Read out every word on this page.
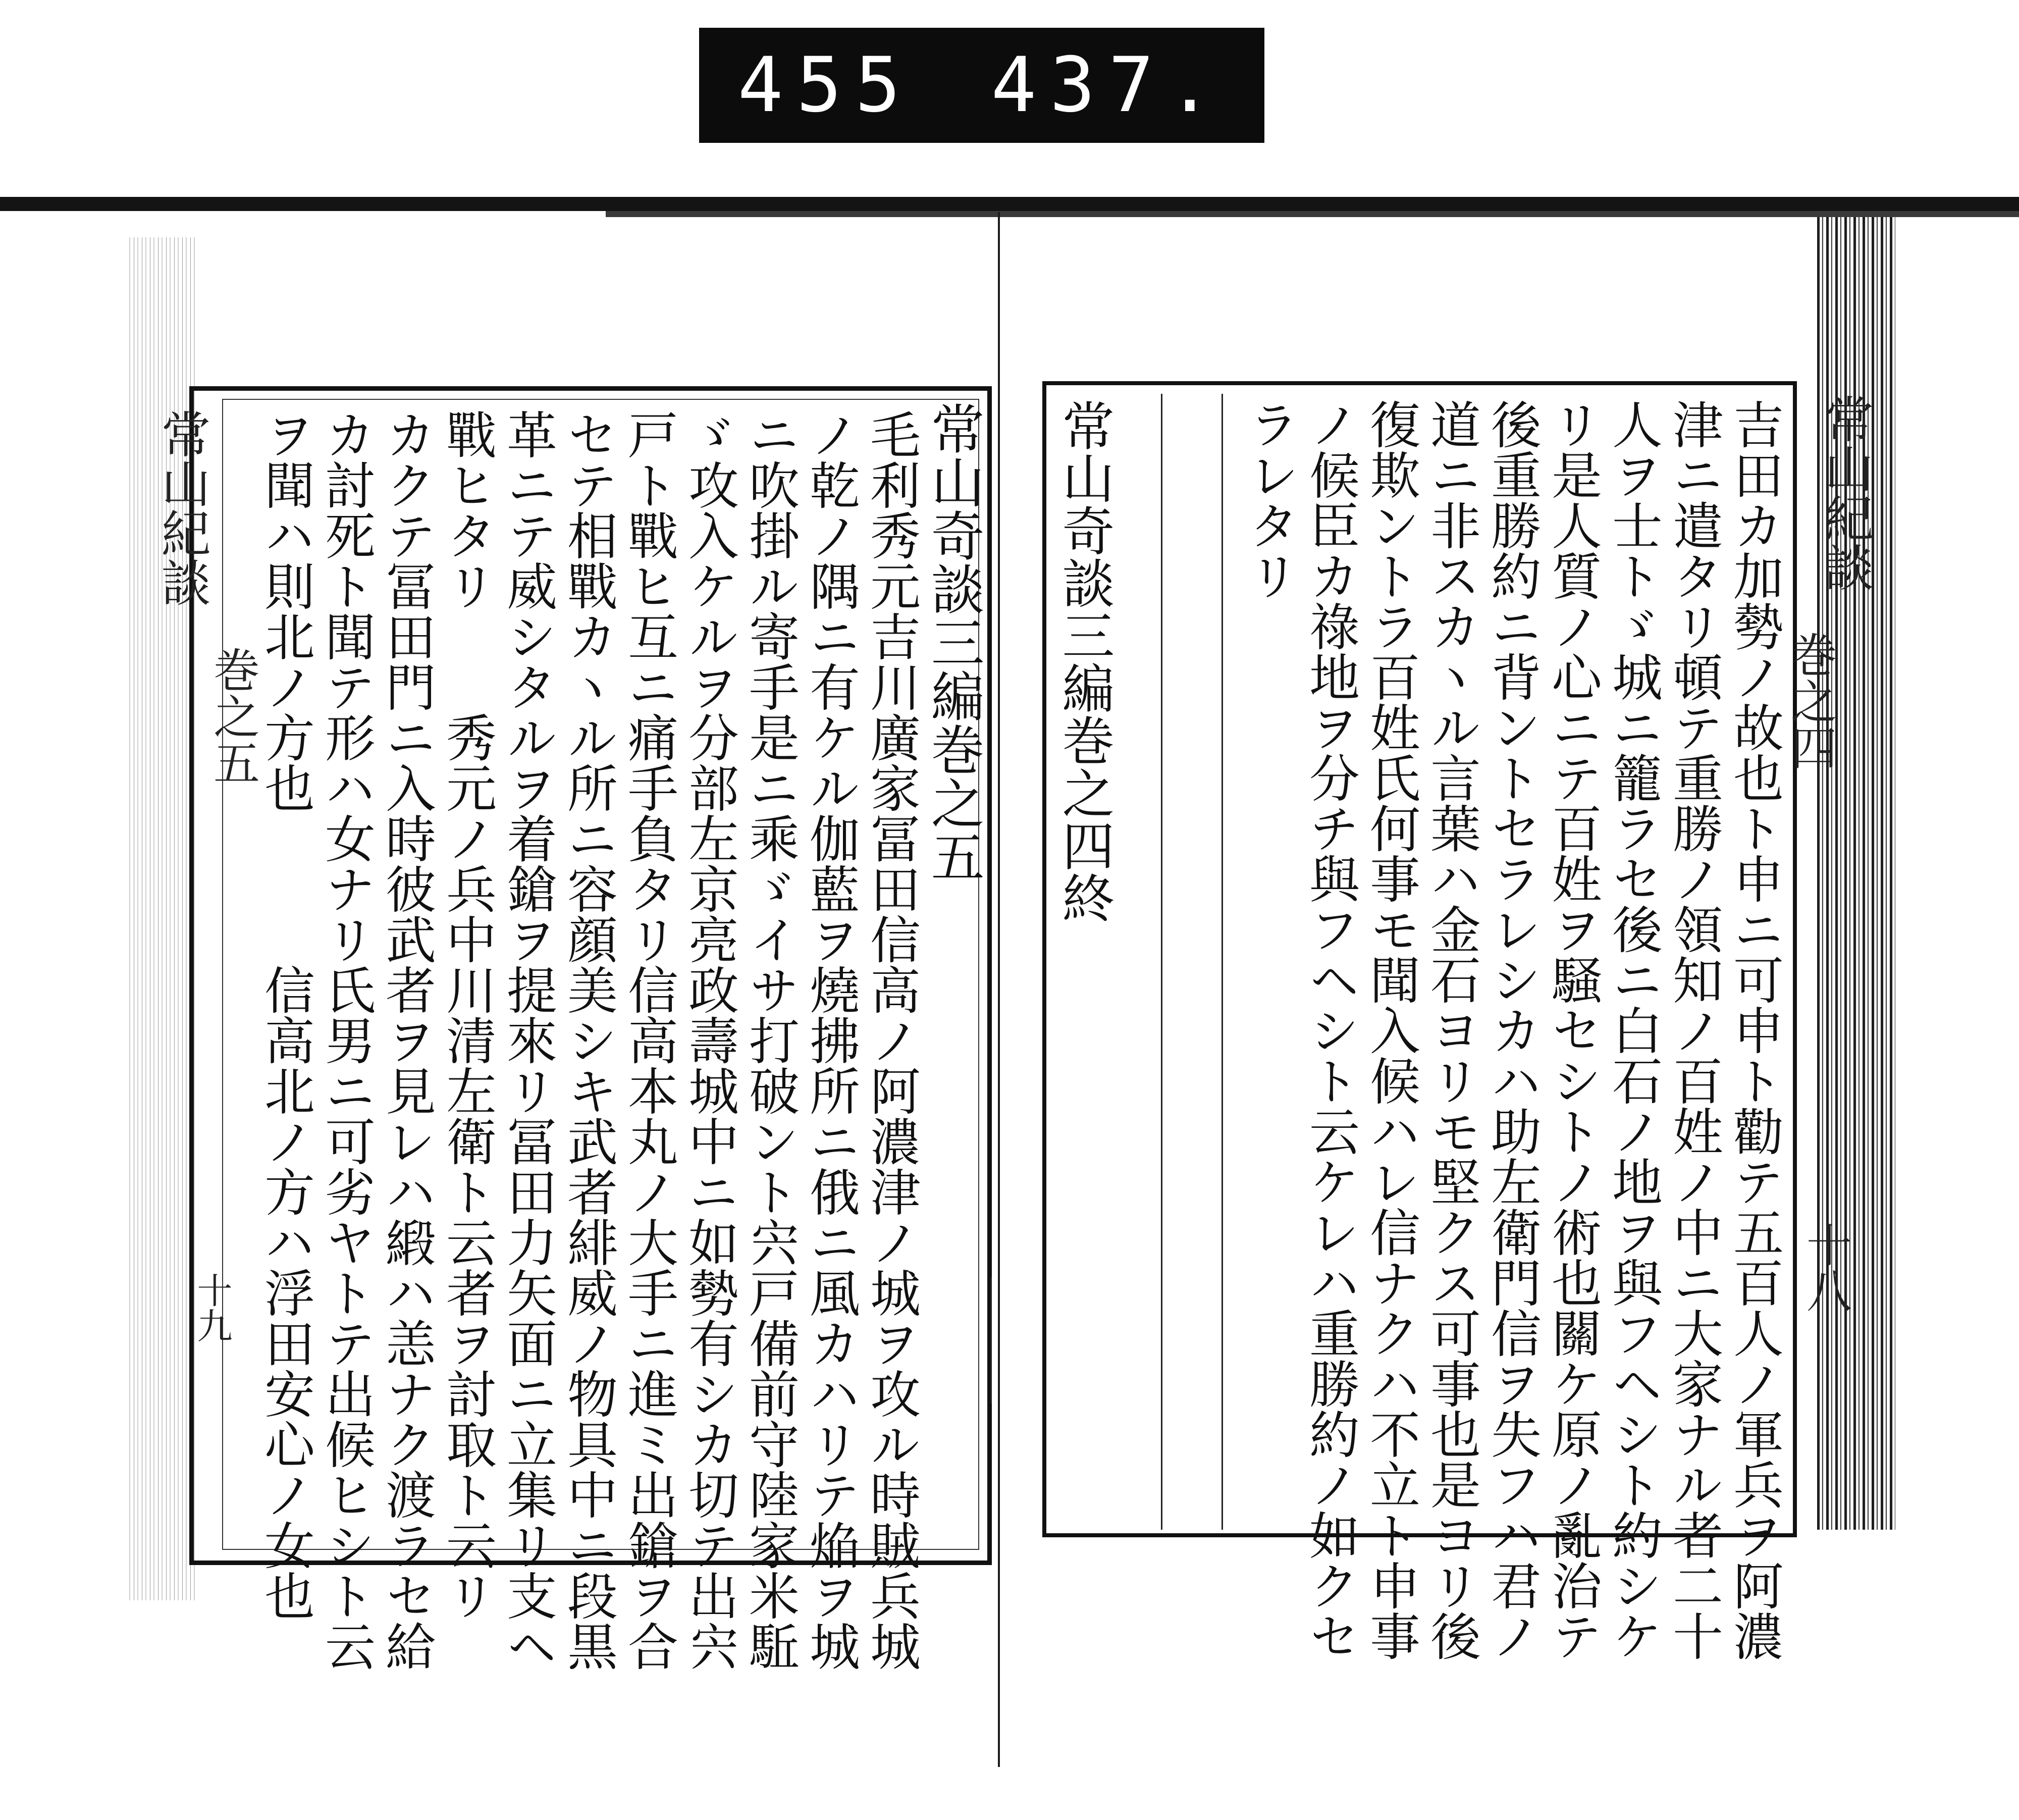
455 437.
常山紀談
巻之五
十九
常山奇談三編巻之五
毛利秀元吉川廣家冨田信高ノ阿濃津ノ城ヲ攻ル時賊兵城
ノ乾ノ隅ニ有ケル伽藍ヲ燒拂所ニ俄ニ風カハリテ焔ヲ城
ニ吹掛ル寄手是ニ乘ゞイサ打破ント宍戸備前守陸家米駈
ゞ攻入ケルヲ分部左京亮政壽城中ニ如勢有シカ切テ出宍
戸ト戰ヒ互ニ痛手負タリ信高本丸ノ大手ニ進ミ出鎗ヲ合
セテ相戰カヽル所ニ容顔美シキ武者緋威ノ物具中ニ段黒
革ニテ威シタルヲ着鎗ヲ提來リ冨田力矢面ニ立集リ支ヘ
戰ヒタリ　　秀元ノ兵中川清左衛ト云者ヲ討取ト云リ
カクテ冨田門ニ入時彼武者ヲ見レハ緞ハ恙ナク渡ラセ給
カ討死ト聞テ形ハ女ナリ氏男ニ可劣ヤトテ出候ヒシト云
ヲ聞ハ則北ノ方也　　　信高北ノ方ハ浮田安心ノ女也	常山紀談
巻之四
十八
吉田カ加勢ノ故也ト申ニ可申ト勸テ五百人ノ軍兵ヲ阿濃
津ニ遣タリ頓テ重勝ノ領知ノ百姓ノ中ニ大家ナル者二十
人ヲ士トゞ城ニ籠ラセ後ニ白石ノ地ヲ與フヘシト約シケ
リ是人質ノ心ニテ百姓ヲ騒セシトノ術也關ケ原ノ亂治テ
後重勝約ニ背ントセラレシカハ助左衛門信ヲ失フハ君ノ
道ニ非スカヽル言葉ハ金石ヨリモ堅クス可事也是ヨリ後
復欺ントラ百姓氏何事モ聞入候ハレ信ナクハ不立ト申事
ノ候臣カ祿地ヲ分チ與フヘシト云ケレハ重勝約ノ如クセ
ラレタリ
常山奇談三編巻之四終
